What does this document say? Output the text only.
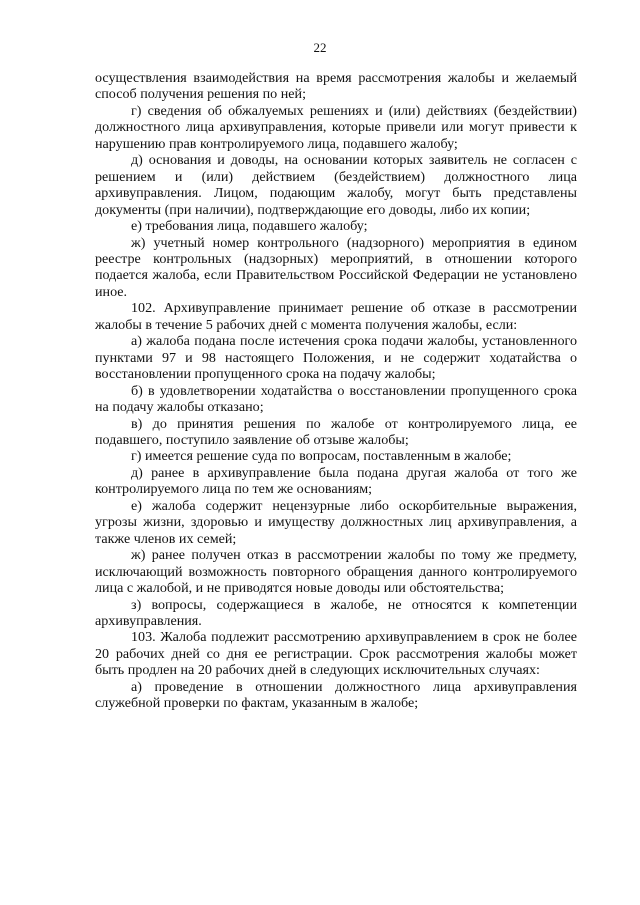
22

осуществления взаимодействия на время рассмотрения жалобы и желаемый способ получения решения по ней;

г) сведения об обжалуемых решениях и (или) действиях (бездействии) должностного лица архивуправления, которые привели или могут привести к нарушению прав контролируемого лица, подавшего жалобу;

д) основания и доводы, на основании которых заявитель не согласен с решением и (или) действием (бездействием) должностного лица архивуправления. Лицом, подающим жалобу, могут быть представлены документы (при наличии), подтверждающие его доводы, либо их копии;

е) требования лица, подавшего жалобу;

ж) учетный номер контрольного (надзорного) мероприятия в едином реестре контрольных (надзорных) мероприятий, в отношении которого подается жалоба, если Правительством Российской Федерации не установлено иное.

102. Архивуправление принимает решение об отказе в рассмотрении жалобы в течение 5 рабочих дней с момента получения жалобы, если:

а) жалоба подана после истечения срока подачи жалобы, установленного пунктами 97 и 98 настоящего Положения, и не содержит ходатайства о восстановлении пропущенного срока на подачу жалобы;

б) в удовлетворении ходатайства о восстановлении пропущенного срока на подачу жалобы отказано;

в) до принятия решения по жалобе от контролируемого лица, ее подавшего, поступило заявление об отзыве жалобы;

г) имеется решение суда по вопросам, поставленным в жалобе;

д) ранее в архивуправление была подана другая жалоба от того же контролируемого лица по тем же основаниям;

е) жалоба содержит нецензурные либо оскорбительные выражения, угрозы жизни, здоровью и имуществу должностных лиц архивуправления, а также членов их семей;

ж) ранее получен отказ в рассмотрении жалобы по тому же предмету, исключающий возможность повторного обращения данного контролируемого лица с жалобой, и не приводятся новые доводы или обстоятельства;

з) вопросы, содержащиеся в жалобе, не относятся к компетенции архивуправления.

103. Жалоба подлежит рассмотрению архивуправлением в срок не более 20 рабочих дней со дня ее регистрации. Срок рассмотрения жалобы может быть продлен на 20 рабочих дней в следующих исключительных случаях:

а) проведение в отношении должностного лица архивуправления служебной проверки по фактам, указанным в жалобе;
